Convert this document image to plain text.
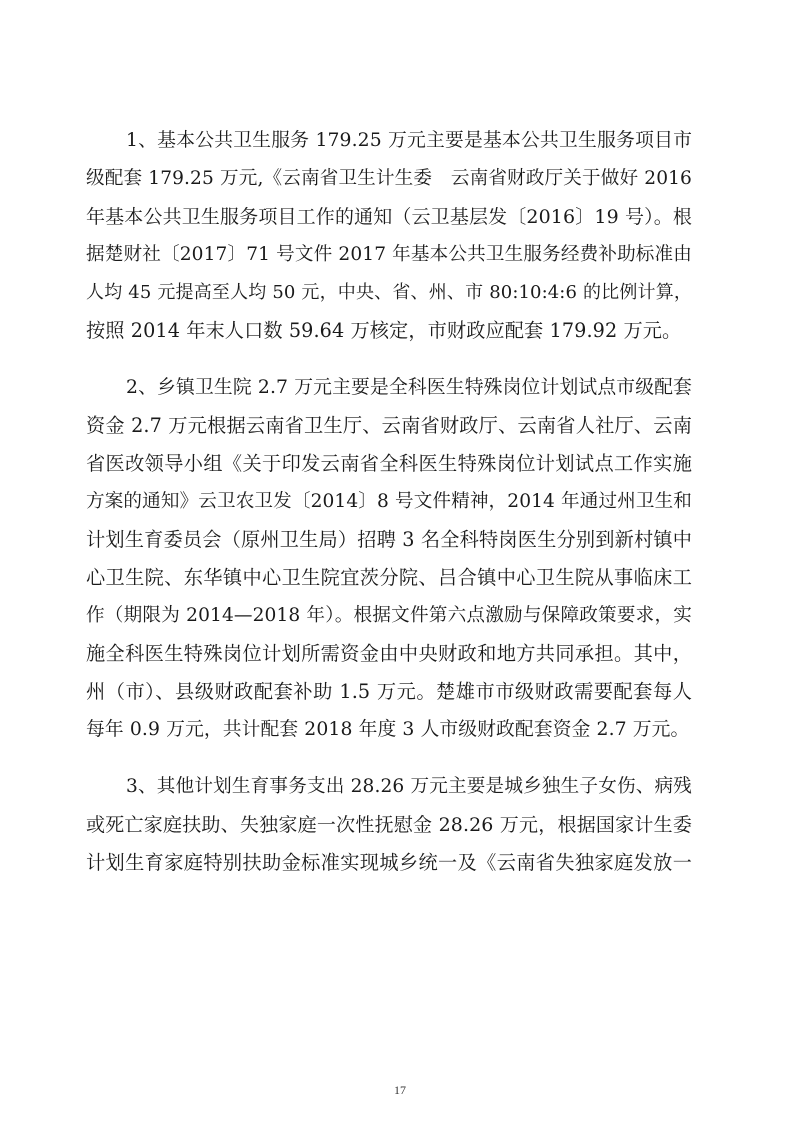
1、基本公共卫生服务 179.25 万元主要是基本公共卫生服务项目市
级配套 179.25 万元,《云南省卫生计生委　云南省财政厅关于做好 2016
年基本公共卫生服务项目工作的通知（云卫基层发〔2016〕19 号）。根
据楚财社〔2017〕71 号文件 2017 年基本公共卫生服务经费补助标准由
人均 45 元提高至人均 50 元，中央、省、州、市 80:10:4:6 的比例计算，
按照 2014 年末人口数 59.64 万核定，市财政应配套 179.92 万元。

2、乡镇卫生院 2.7 万元主要是全科医生特殊岗位计划试点市级配套
资金 2.7 万元根据云南省卫生厅、云南省财政厅、云南省人社厅、云南
省医改领导小组《关于印发云南省全科医生特殊岗位计划试点工作实施
方案的通知》云卫农卫发〔2014〕8 号文件精神，2014 年通过州卫生和
计划生育委员会（原州卫生局）招聘 3 名全科特岗医生分别到新村镇中
心卫生院、东华镇中心卫生院宜茨分院、吕合镇中心卫生院从事临床工
作（期限为 2014—2018 年）。根据文件第六点激励与保障政策要求，实
施全科医生特殊岗位计划所需资金由中央财政和地方共同承担。其中，
州（市）、县级财政配套补助 1.5 万元。楚雄市市级财政需要配套每人
每年 0.9 万元，共计配套 2018 年度 3 人市级财政配套资金 2.7 万元。

3、其他计划生育事务支出 28.26 万元主要是城乡独生子女伤、病残
或死亡家庭扶助、失独家庭一次性抚慰金 28.26 万元，根据国家计生委
计划生育家庭特别扶助金标准实现城乡统一及《云南省失独家庭发放一

17
